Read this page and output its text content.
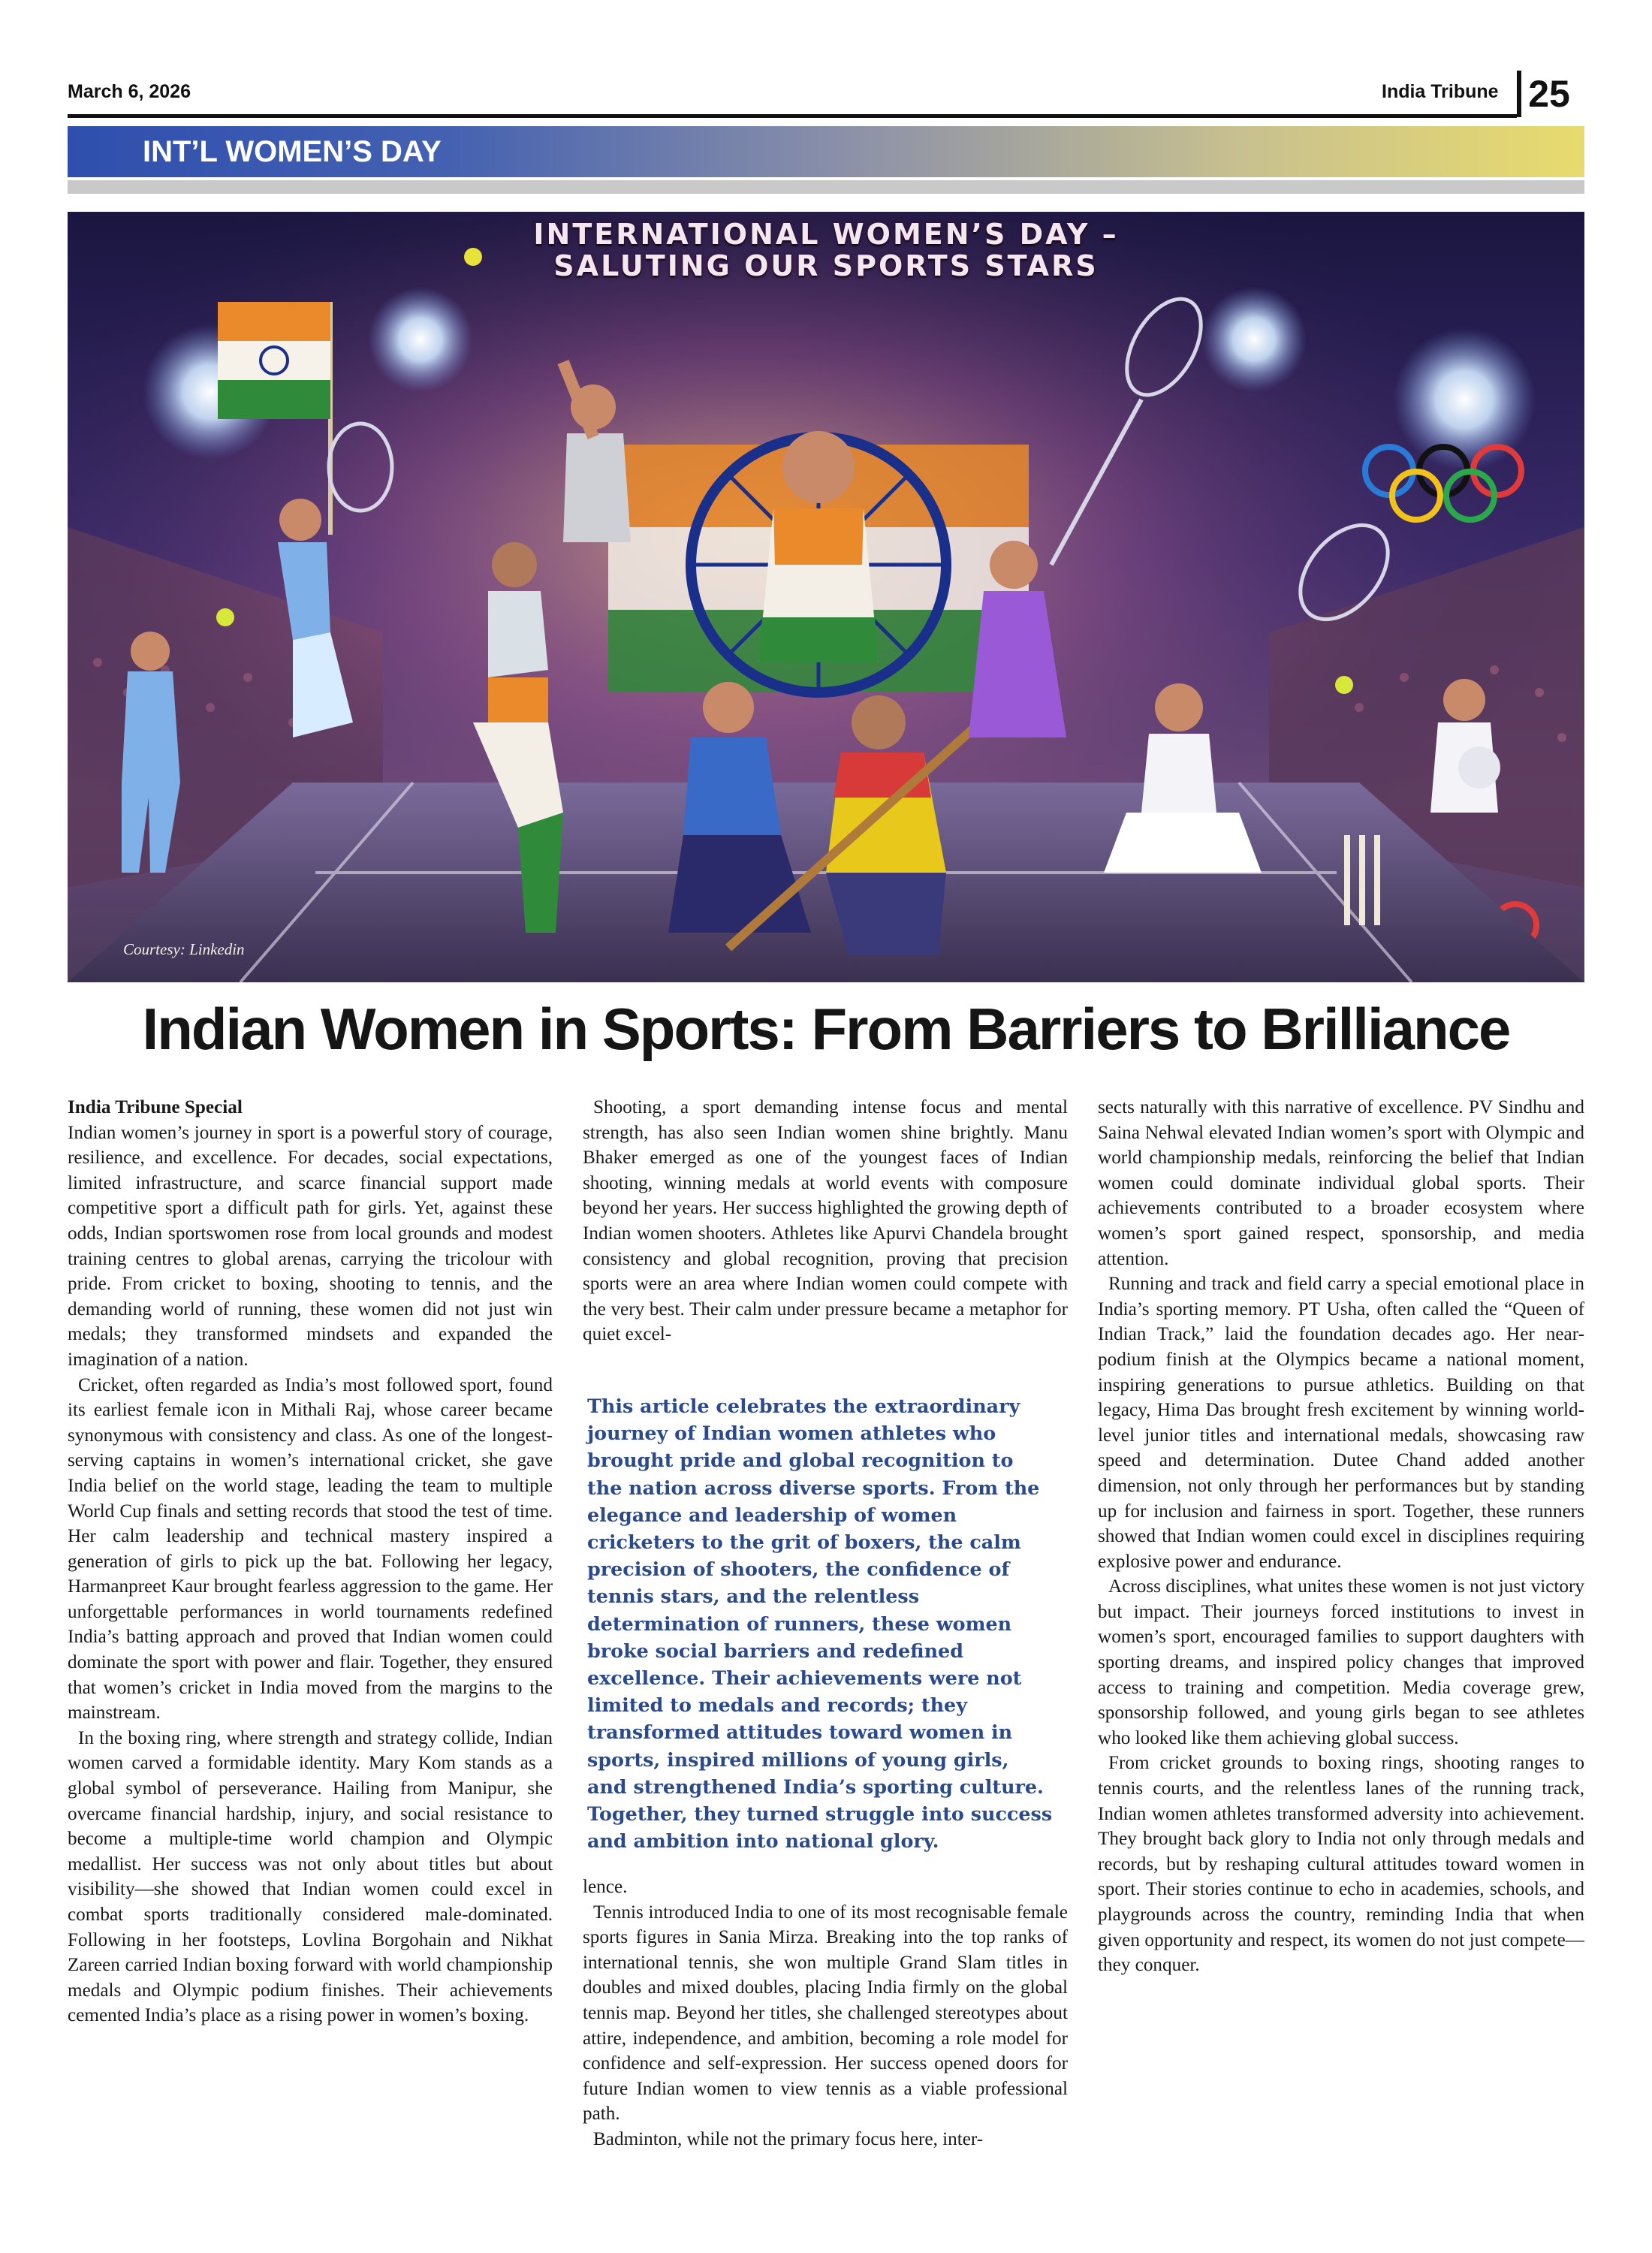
March 6, 2026	India Tribune 25
INT’L WOMEN’S DAY
INTERNATIONAL WOMEN’S DAY –
SALUTING OUR SPORTS STARS
Courtesy: Linkedin
Indian Women in Sports: From Barriers to Brilliance
India Tribune Special

Indian women’s journey in sport is a powerful story of courage, resilience, and excellence. For decades, social expectations, limited infrastructure, and scarce financial support made competitive sport a difficult path for girls. Yet, against these odds, Indian sportswomen rose from local grounds and modest training centres to global arenas, carrying the tricolour with pride. From cricket to boxing, shooting to tennis, and the demanding world of running, these women did not just win medals; they transformed mindsets and expanded the imagination of a nation.

Cricket, often regarded as India’s most followed sport, found its earliest female icon in Mithali Raj, whose career became synonymous with consistency and class. As one of the longest-serving captains in women’s international cricket, she gave India belief on the world stage, leading the team to multiple World Cup finals and setting records that stood the test of time. Her calm leadership and technical mastery inspired a generation of girls to pick up the bat. Following her legacy, Harmanpreet Kaur brought fearless aggression to the game. Her unforgettable performances in world tournaments redefined India’s batting approach and proved that Indian women could dominate the sport with power and flair. Together, they ensured that women’s cricket in India moved from the margins to the mainstream.

In the boxing ring, where strength and strategy collide, Indian women carved a formidable identity. Mary Kom stands as a global symbol of perseverance. Hailing from Manipur, she overcame financial hardship, injury, and social resistance to become a multiple-time world champion and Olympic medallist. Her success was not only about titles but about visibility—she showed that Indian women could excel in combat sports traditionally considered male-dominated. Following in her footsteps, Lovlina Borgohain and Nikhat Zareen carried Indian boxing forward with world championship medals and Olympic podium finishes. Their achievements cemented India’s place as a rising power in women’s boxing.

Shooting, a sport demanding intense focus and mental strength, has also seen Indian women shine brightly. Manu Bhaker emerged as one of the youngest faces of Indian shooting, winning medals at world events with composure beyond her years. Her success highlighted the growing depth of Indian women shooters. Athletes like Apurvi Chandela brought consistency and global recognition, proving that precision sports were an area where Indian women could compete with the very best. Their calm under pressure became a metaphor for quiet excel-

This article celebrates the extraordinary journey of Indian women athletes who brought pride and global recognition to the nation across diverse sports. From the elegance and leadership of women cricketers to the grit of boxers, the calm precision of shooters, the confidence of tennis stars, and the relentless determination of runners, these women broke social barriers and redefined excellence. Their achievements were not limited to medals and records; they transformed attitudes toward women in sports, inspired millions of young girls, and strengthened India’s sporting culture. Together, they turned struggle into success and ambition into national glory.

lence.

Tennis introduced India to one of its most recognisable female sports figures in Sania Mirza. Breaking into the top ranks of international tennis, she won multiple Grand Slam titles in doubles and mixed doubles, placing India firmly on the global tennis map. Beyond her titles, she challenged stereotypes about attire, independence, and ambition, becoming a role model for confidence and self-expression. Her success opened doors for future Indian women to view tennis as a viable professional path.

Badminton, while not the primary focus here, inter-

sects naturally with this narrative of excellence. PV Sindhu and Saina Nehwal elevated Indian women’s sport with Olympic and world championship medals, reinforcing the belief that Indian women could dominate individual global sports. Their achievements contributed to a broader ecosystem where women’s sport gained respect, sponsorship, and media attention.

Running and track and field carry a special emotional place in India’s sporting memory. PT Usha, often called the “Queen of Indian Track,” laid the foundation decades ago. Her near-podium finish at the Olympics became a national moment, inspiring generations to pursue athletics. Building on that legacy, Hima Das brought fresh excitement by winning world-level junior titles and international medals, showcasing raw speed and determination. Dutee Chand added another dimension, not only through her performances but by standing up for inclusion and fairness in sport. Together, these runners showed that Indian women could excel in disciplines requiring explosive power and endurance.

Across disciplines, what unites these women is not just victory but impact. Their journeys forced institutions to invest in women’s sport, encouraged families to support daughters with sporting dreams, and inspired policy changes that improved access to training and competition. Media coverage grew, sponsorship followed, and young girls began to see athletes who looked like them achieving global success.

From cricket grounds to boxing rings, shooting ranges to tennis courts, and the relentless lanes of the running track, Indian women athletes transformed adversity into achievement. They brought back glory to India not only through medals and records, but by reshaping cultural attitudes toward women in sport. Their stories continue to echo in academies, schools, and playgrounds across the country, reminding India that when given opportunity and respect, its women do not just compete—they conquer.
